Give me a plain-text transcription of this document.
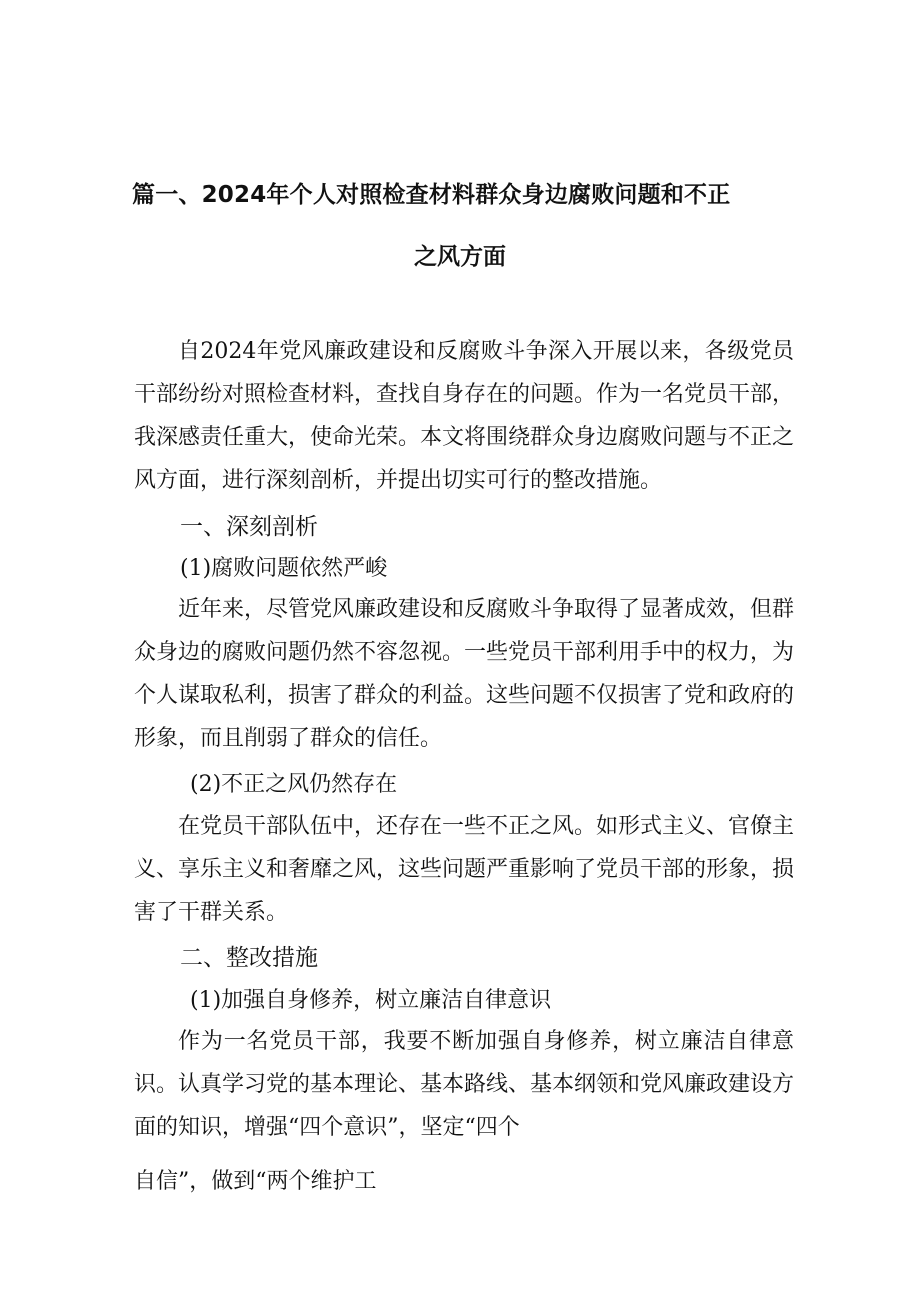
篇一、2024年个人对照检查材料群众身边腐败问题和不正
之风方面

自2024年党风廉政建设和反腐败斗争深入开展以来，各级党员干部纷纷对照检查材料，查找自身存在的问题。作为一名党员干部，我深感责任重大，使命光荣。本文将围绕群众身边腐败问题与不正之风方面，进行深刻剖析，并提出切实可行的整改措施。

一、深刻剖析
(1)腐败问题依然严峻

近年来，尽管党风廉政建设和反腐败斗争取得了显著成效，但群众身边的腐败问题仍然不容忽视。一些党员干部利用手中的权力，为个人谋取私利，损害了群众的利益。这些问题不仅损害了党和政府的形象，而且削弱了群众的信任。

(2)不正之风仍然存在

在党员干部队伍中，还存在一些不正之风。如形式主义、官僚主义、享乐主义和奢靡之风，这些问题严重影响了党员干部的形象，损害了干群关系。

二、整改措施
(1)加强自身修养，树立廉洁自律意识

作为一名党员干部，我要不断加强自身修养，树立廉洁自律意识。认真学习党的基本理论、基本路线、基本纲领和党风廉政建设方面的知识，增强“四个意识”，坚定“四个

自信”，做到“两个维护工
